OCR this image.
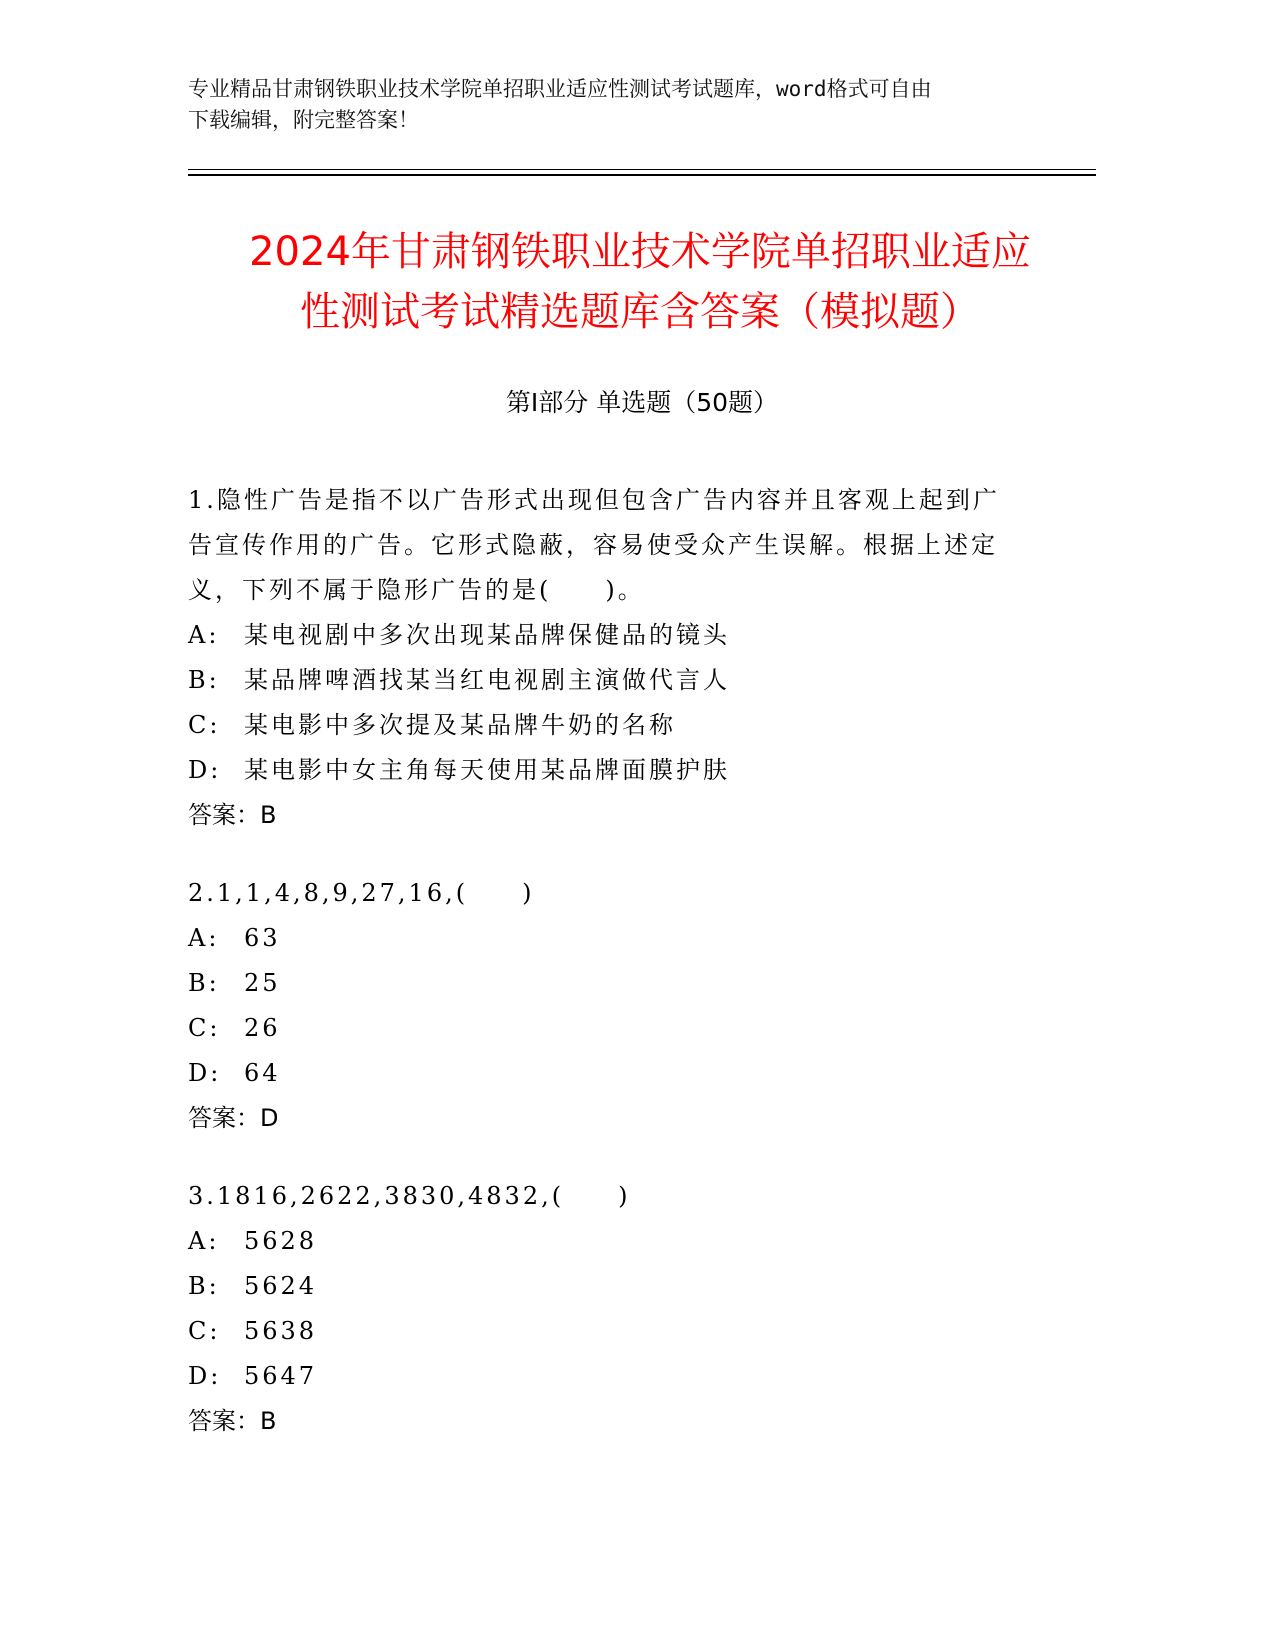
专业精品甘肃钢铁职业技术学院单招职业适应性测试考试题库，word格式可自由
下载编辑，附完整答案！
2024年甘肃钢铁职业技术学院单招职业适应
性测试考试精选题库含答案（模拟题）
第Ⅰ部分 单选题（50题）
1.隐性广告是指不以广告形式出现但包含广告内容并且客观上起到广
告宣传作用的广告。它形式隐蔽，容易使受众产生误解。根据上述定
义，下列不属于隐形广告的是(　　)。
A: 某电视剧中多次出现某品牌保健品的镜头
B: 某品牌啤酒找某当红电视剧主演做代言人
C: 某电影中多次提及某品牌牛奶的名称
D: 某电影中女主角每天使用某品牌面膜护肤
答案：B
2.1,1,4,8,9,27,16,(　　)
A: 63
B: 25
C: 26
D: 64
答案：D
3.1816,2622,3830,4832,(　　)
A: 5628
B: 5624
C: 5638
D: 5647
答案：B
